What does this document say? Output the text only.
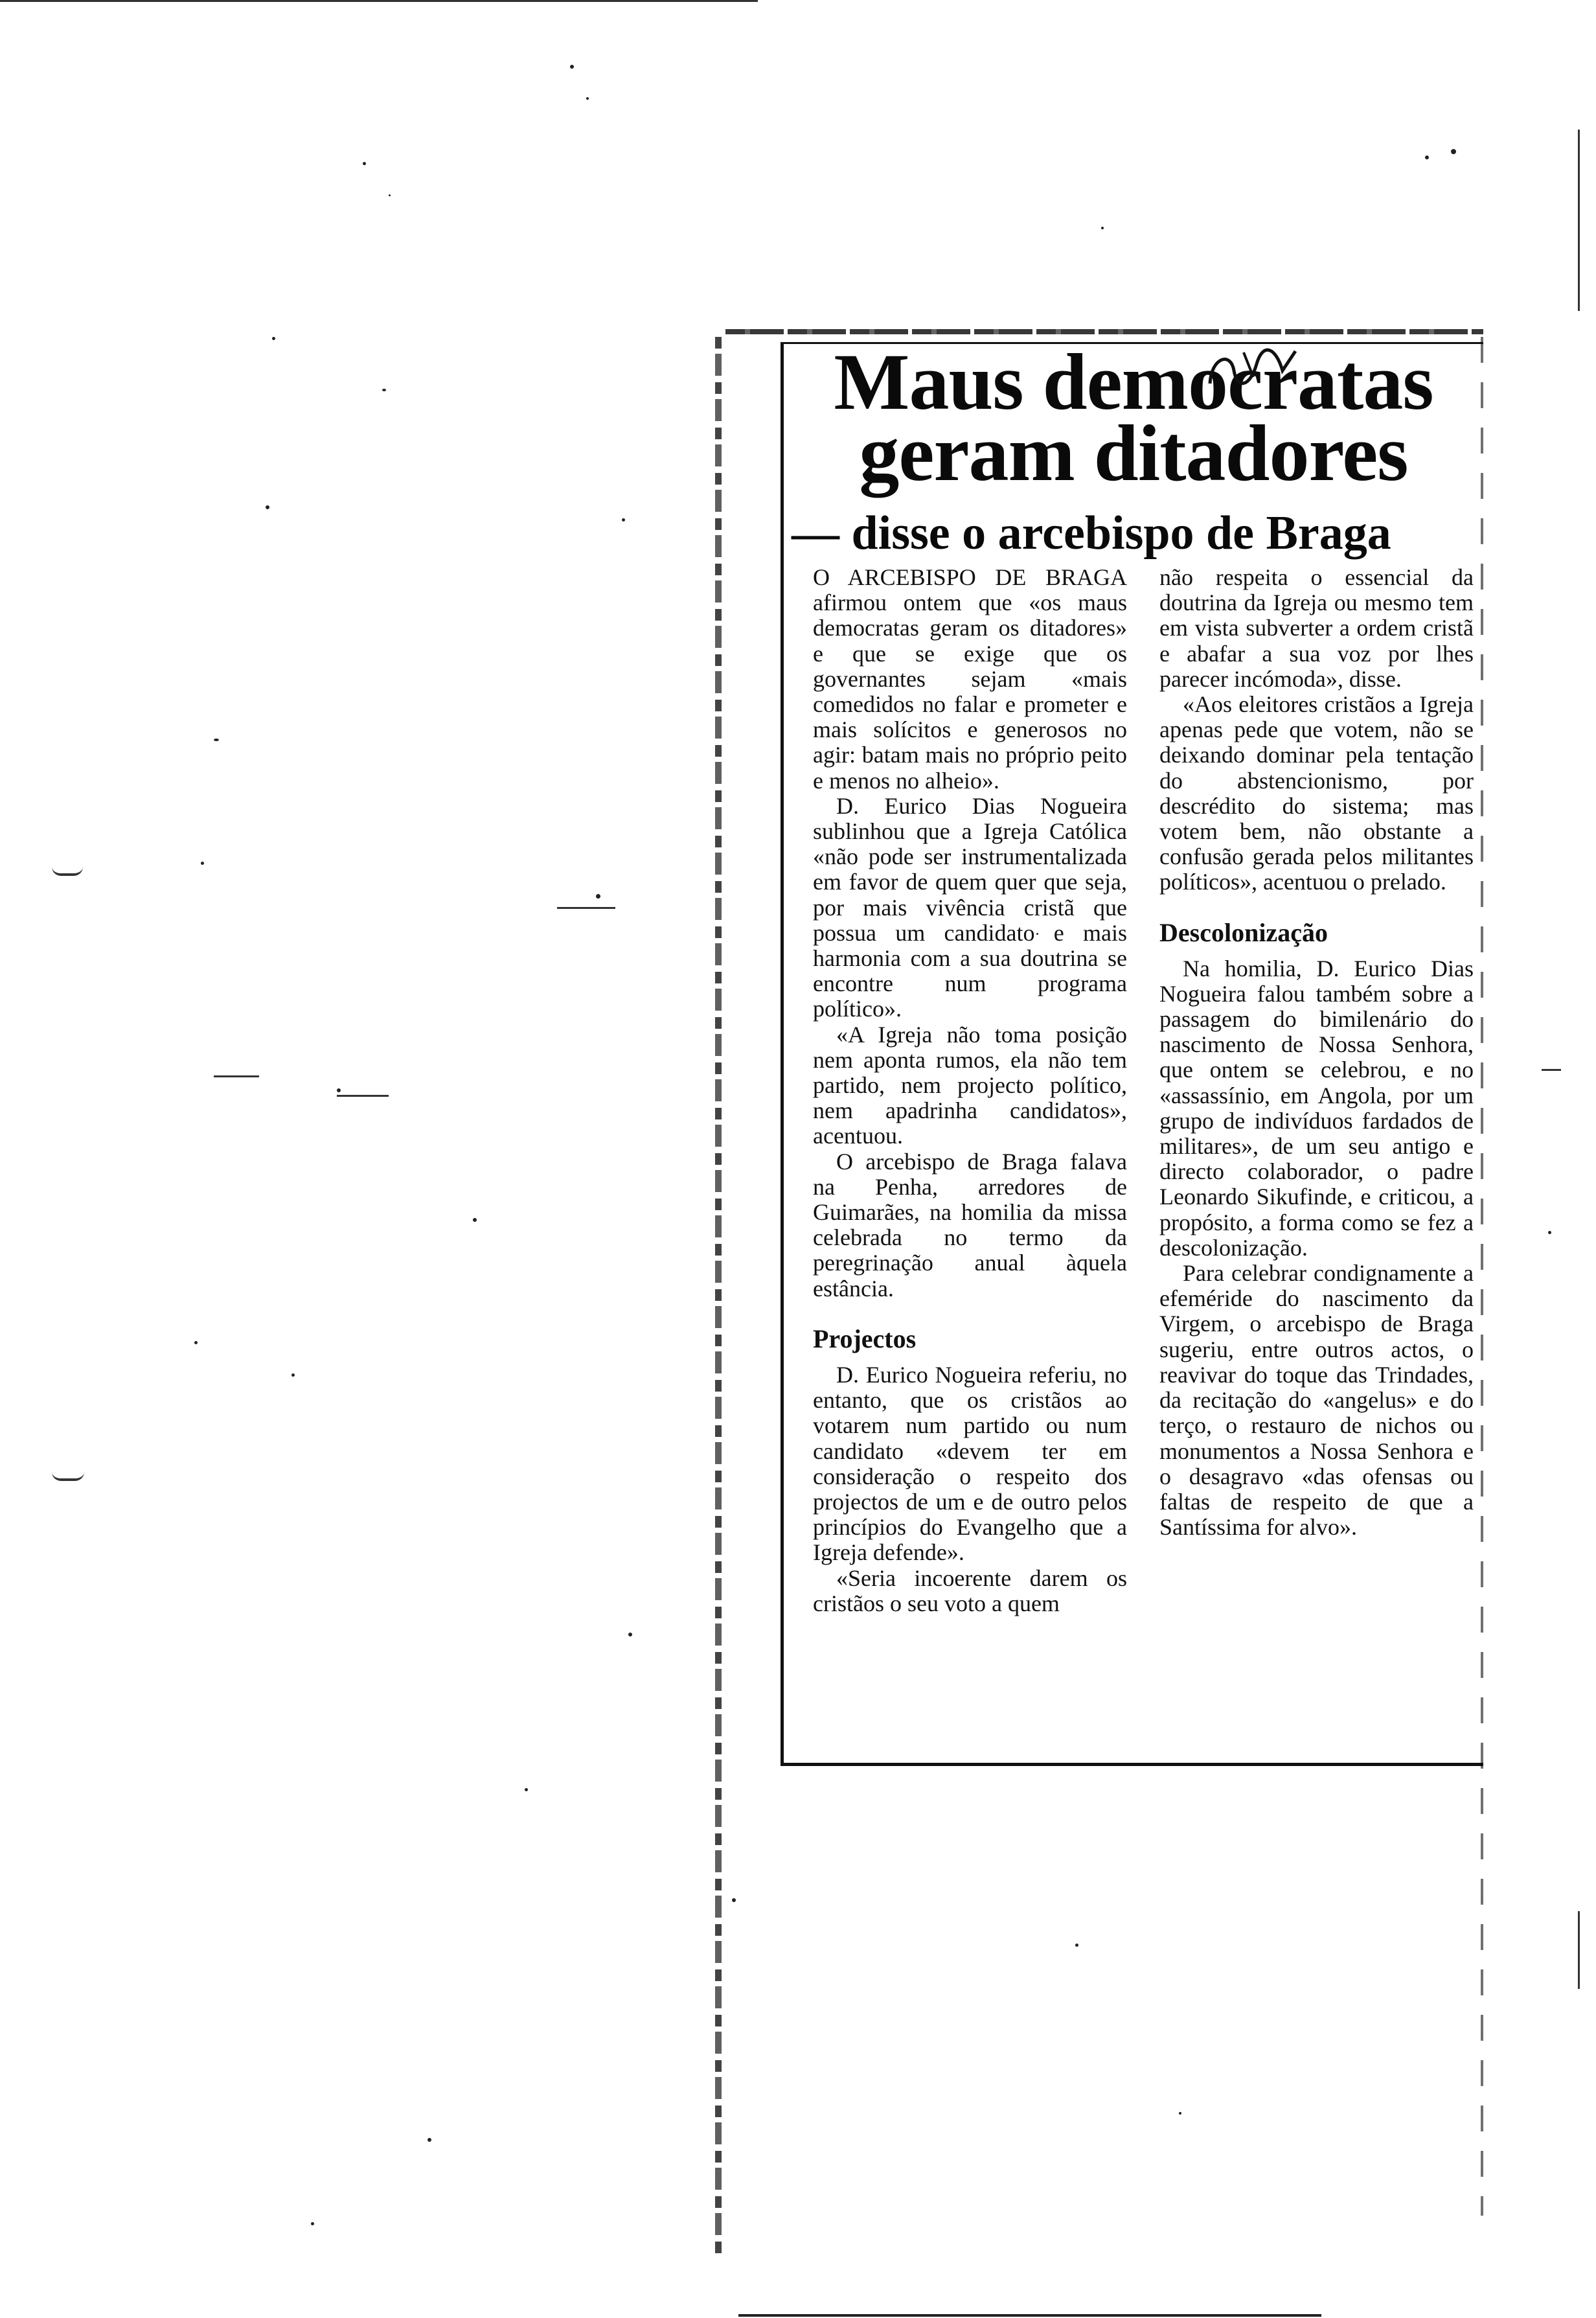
Maus democratas
geram ditadores
— disse o arcebispo de Braga

O ARCEBISPO DE BRAGA afirmou ontem que «os maus democratas geram os ditadores» e que se exige que os governantes sejam «mais comedidos no falar e prometer e mais solícitos e generosos no agir: batam mais no próprio peito e menos no alheio».

D. Eurico Dias Nogueira sublinhou que a Igreja Católica «não pode ser instrumentalizada em favor de quem quer que seja, por mais vivência cristã que possua um candidato e mais harmonia com a sua doutrina se encontre num programa político».

«A Igreja não toma posição nem aponta rumos, ela não tem partido, nem projecto político, nem apadrinha candidatos», acentuou.

O arcebispo de Braga falava na Penha, arredores de Guimarães, na homilia da missa celebrada no termo da peregrinação anual àquela estância.

Projectos

D. Eurico Nogueira referiu, no entanto, que os cristãos ao votarem num partido ou num candidato «devem ter em consideração o respeito dos projectos de um e de outro pelos princípios do Evangelho que a Igreja defende».

«Seria incoerente darem os cristãos o seu voto a quem

não respeita o essencial da doutrina da Igreja ou mesmo tem em vista subverter a ordem cristã e abafar a sua voz por lhes parecer incómoda», disse.

«Aos eleitores cristãos a Igreja apenas pede que votem, não se deixando dominar pela tentação do abstencionismo, por descrédito do sistema; mas votem bem, não obstante a confusão gerada pelos militantes políticos», acentuou o prelado.

Descolonização

Na homilia, D. Eurico Dias Nogueira falou também sobre a passagem do bimilenário do nascimento de Nossa Senhora, que ontem se celebrou, e no «assassínio, em Angola, por um grupo de indivíduos fardados de militares», de um seu antigo e directo colaborador, o padre Leonardo Sikufinde, e criticou, a propósito, a forma como se fez a descolonização.

Para celebrar condignamente a efeméride do nascimento da Virgem, o arcebispo de Braga sugeriu, entre outros actos, o reavivar do toque das Trindades, da recitação do «angelus» e do terço, o restauro de nichos ou monumentos a Nossa Senhora e o desagravo «das ofensas ou faltas de respeito de que a Santíssima for alvo».
